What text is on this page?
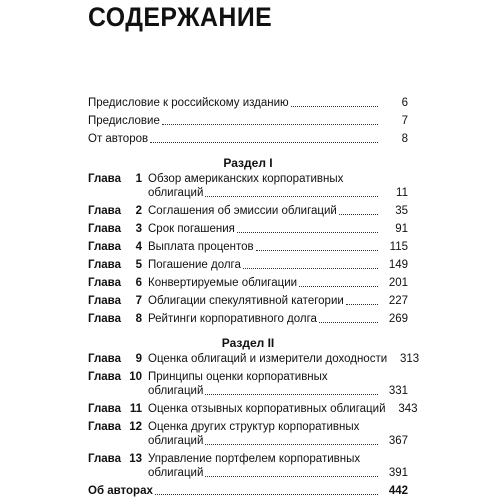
СОДЕРЖАНИЕ
Предисловие к российскому изданию	6
Предисловие	7
От авторов	8
Раздел I
Глава	1 Обзор американских корпоративных
облигаций	11
Глава	2 Соглашения об эмиссии облигаций	35
Глава	3 Срок погашения	91
Глава	4 Выплата процентов	115
Глава	5 Погашение долга	149
Глава	6 Конвертируемые облигации	201
Глава	7 Облигации спекулятивной категории	227
Глава	8 Рейтинги корпоративного долга	269
Раздел II
Глава	9 Оценка облигаций и измерители доходности	313
Глава 10 Принципы оценки корпоративных
облигаций	331
Глава 11 Оценка отзывных корпоративных облигаций	343
Глава 12 Оценка других структур корпоративных
облигаций	367
Глава 13 Управление портфелем корпоративных
облигаций	391
Об авторах	442
